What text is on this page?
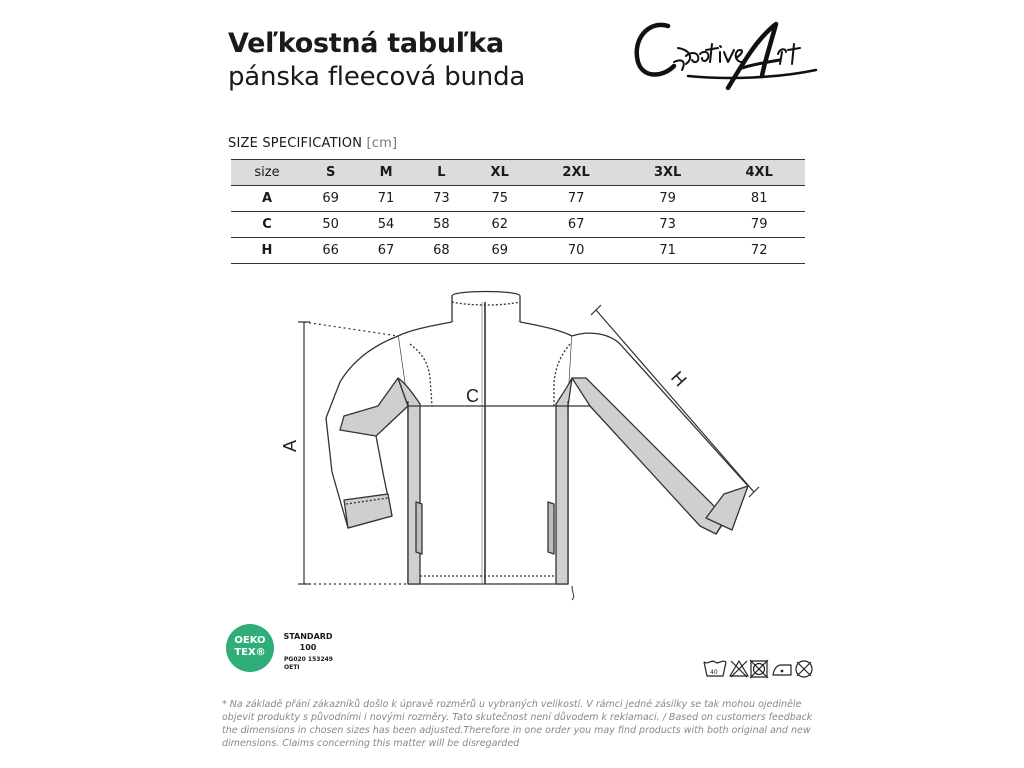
Veľkostná tabuľka
pánska fleecová bunda
SIZE SPECIFICATION [cm]
size	S	M	L	XL	2XL	3XL	4XL
A	69	71	73	75	77	79	81
C	50	54	58	62	67	73	79
H	66	67	68	69	70	71	72
A
C
H
OEKO
TEX®
STANDARD
100
PG020 153249
OETI
40
* Na základě přání zákazníků došlo k úpravě rozměrů u vybraných velikostí. V rámci jedné zásilky se tak mohou ojediněle objevit produkty s původními i novými rozměry. Tato skutečnost není důvodem k reklamaci. / Based on customers feedback the dimensions in chosen sizes has been adjusted.Therefore in one order you may find products with both original and new dimensions. Claims concerning this matter will be disregarded
